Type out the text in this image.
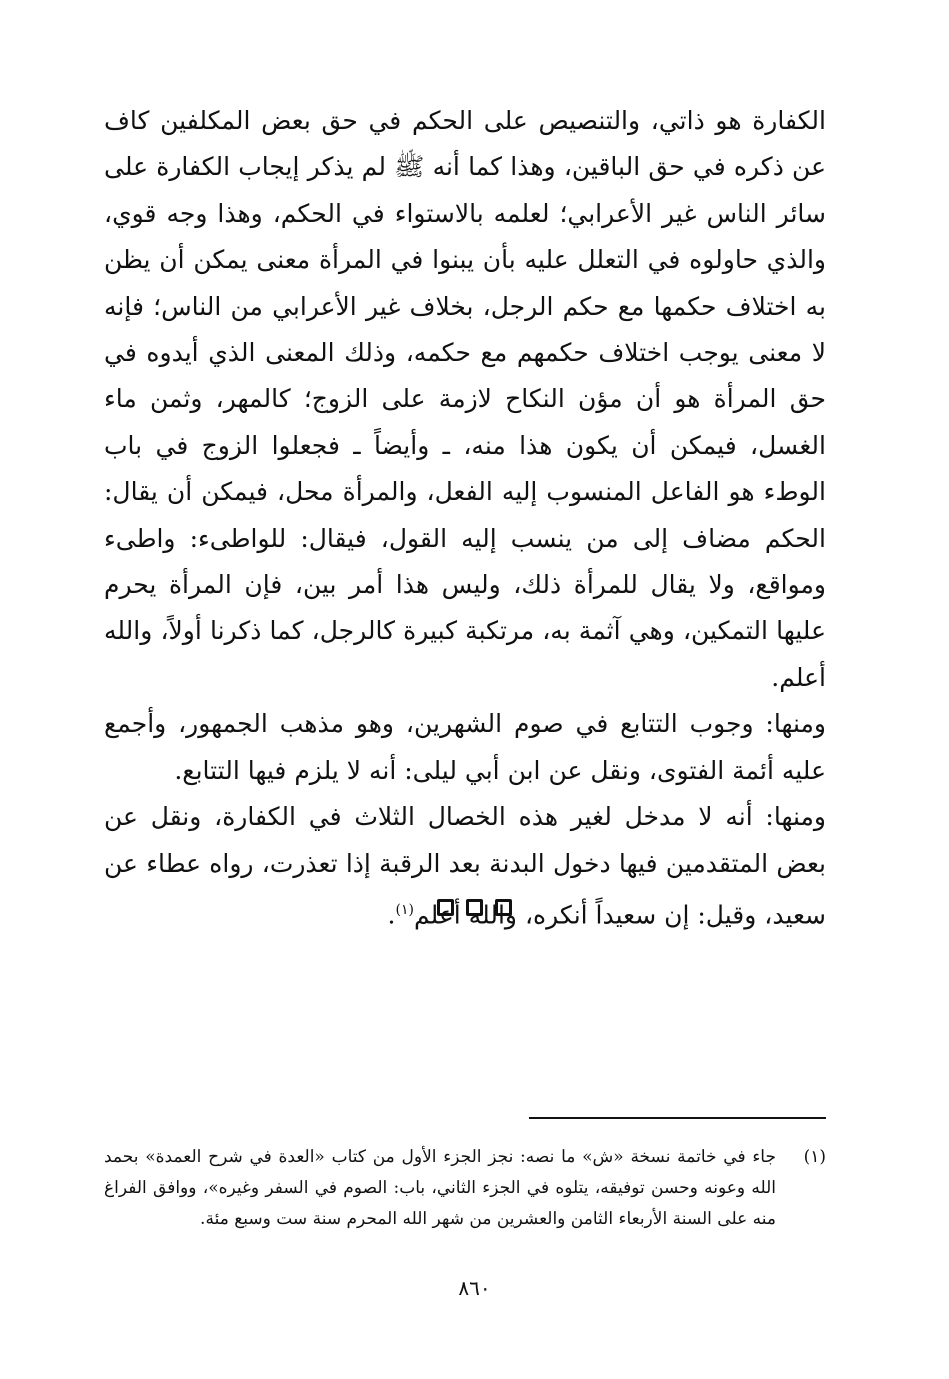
الكفارة هو ذاتي، والتنصيص على الحكم في حق بعض المكلفين كاف عن ذكره في حق الباقين، وهذا كما أنه ﷺ لم يذكر إيجاب الكفارة على سائر الناس غير الأعرابي؛ لعلمه بالاستواء في الحكم، وهذا وجه قوي، والذي حاولوه في التعلل عليه بأن يبنوا في المرأة معنى يمكن أن يظن به اختلاف حكمها مع حكم الرجل، بخلاف غير الأعرابي من الناس؛ فإنه لا معنى يوجب اختلاف حكمهم مع حكمه، وذلك المعنى الذي أيدوه في حق المرأة هو أن مؤن النكاح لازمة على الزوج؛ كالمهر، وثمن ماء الغسل، فيمكن أن يكون هذا منه، ـ وأيضاً ـ فجعلوا الزوج في باب الوطء هو الفاعل المنسوب إليه الفعل، والمرأة محل، فيمكن أن يقال: الحكم مضاف إلى من ينسب إليه القول، فيقال: للواطىء: واطىء ومواقع، ولا يقال للمرأة ذلك، وليس هذا أمر بين، فإن المرأة يحرم عليها التمكين، وهي آثمة به، مرتكبة كبيرة كالرجل، كما ذكرنا أولاً، والله أعلم.

ومنها: وجوب التتابع في صوم الشهرين، وهو مذهب الجمهور، وأجمع عليه أئمة الفتوى، ونقل عن ابن أبي ليلى: أنه لا يلزم فيها التتابع.

ومنها: أنه لا مدخل لغير هذه الخصال الثلاث في الكفارة، ونقل عن بعض المتقدمين فيها دخول البدنة بعد الرقبة إذا تعذرت، رواه عطاء عن سعيد، وقيل: إن سعيداً أنكره، والله أعلم$^{(١)}$.

(١)

جاء في خاتمة نسخة «ش» ما نصه: نجز الجزء الأول من كتاب «العدة في شرح العمدة» بحمد الله وعونه وحسن توفيقه، يتلوه في الجزء الثاني، باب: الصوم في السفر وغيره»، ووافق الفراغ منه على السنة الأربعاء الثامن والعشرين من شهر الله المحرم سنة ست وسبع مئة.

٨٦٠
